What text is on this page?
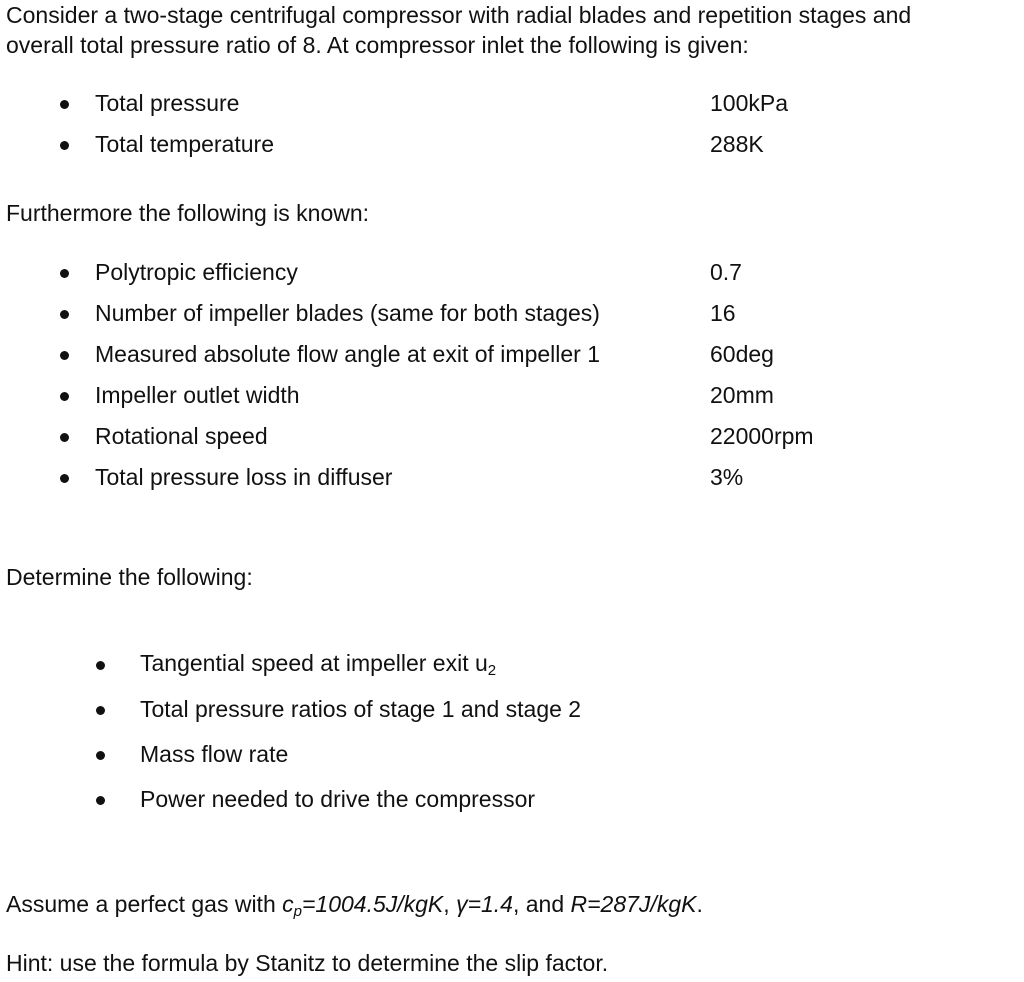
Consider a two-stage centrifugal compressor with radial blades and repetition stages and
overall total pressure ratio of 8. At compressor inlet the following is given:
Total pressure	100kPa
Total temperature	288K
Furthermore the following is known:
Polytropic efficiency	0.7
Number of impeller blades (same for both stages)	16
Measured absolute flow angle at exit of impeller 1	60deg
Impeller outlet width	20mm
Rotational speed	22000rpm
Total pressure loss in diffuser	3%
Determine the following:
Tangential speed at impeller exit $u_2$
Total pressure ratios of stage 1 and stage 2
Mass flow rate
Power needed to drive the compressor
Assume a perfect gas with $c_p=1004.5J$/kgK, γ=1.4, and R=287J/kgK.
Hint: use the formula by Stanitz to determine the slip factor.
